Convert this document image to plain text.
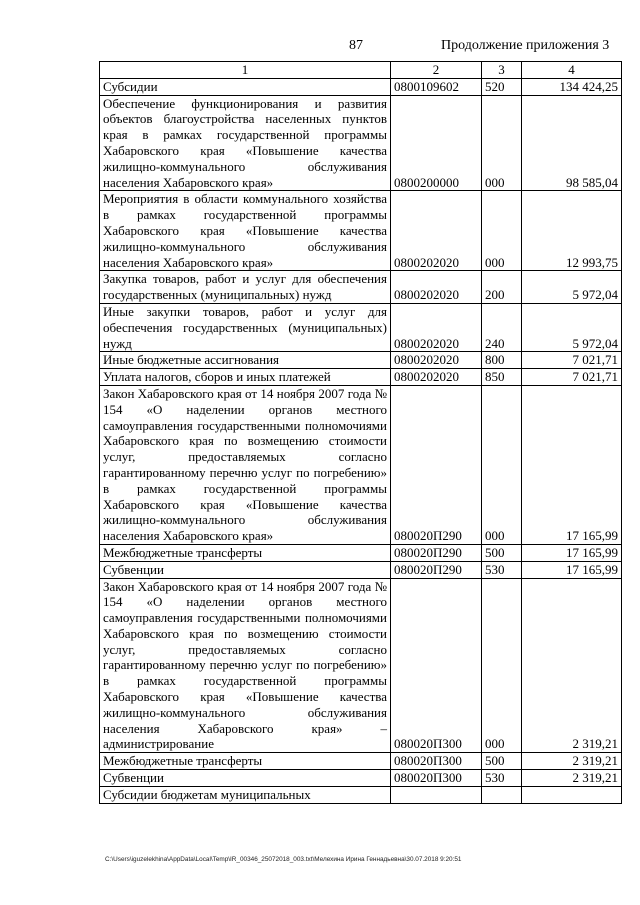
87	Продолжение приложения 3
1	2	3	4
Субсидии	0800109602	520	134 424,25
Обеспечение функционирования и развития объектов благоустройства населенных пунктов края в рамках государственной программы Хабаровского края «Повышение качества жилищно-коммунального обслуживания населения Хабаровского края»	0800200000	000	98 585,04
Мероприятия в области коммунального хозяйства в рамках государственной программы Хабаровского края «Повышение качества жилищно-коммунального обслуживания населения Хабаровского края»	0800202020	000	12 993,75
Закупка товаров, работ и услуг для обеспечения государственных (муниципальных) нужд	0800202020	200	5 972,04
Иные закупки товаров, работ и услуг для обеспечения государственных (муниципальных) нужд	0800202020	240	5 972,04
Иные бюджетные ассигнования	0800202020	800	7 021,71
Уплата налогов, сборов и иных платежей	0800202020	850	7 021,71
Закон Хабаровского края от 14 ноября 2007 года № 154 «О наделении органов местного самоуправления государственными полномочиями Хабаровского края по возмещению стоимости услуг, предоставляемых согласно гарантированному перечню услуг по погребению» в рамках государственной программы Хабаровского края «Повышение качества жилищно-коммунального обслуживания населения Хабаровского края»	080020П290	000	17 165,99
Межбюджетные трансферты	080020П290	500	17 165,99
Субвенции	080020П290	530	17 165,99
Закон Хабаровского края от 14 ноября 2007 года № 154 «О наделении органов местного самоуправления государственными полномочиями Хабаровского края по возмещению стоимости услуг, предоставляемых согласно гарантированному перечню услуг по погребению» в рамках государственной программы Хабаровского края «Повышение качества жилищно-коммунального обслуживания населения Хабаровского края» – администрирование	080020П300	000	2 319,21
Межбюджетные трансферты	080020П300	500	2 319,21
Субвенции	080020П300	530	2 319,21
Субсидии бюджетам муниципальных			
C:\Users\iguzelekhina\AppData\Local\Temp\IR_00346_25072018_003.txt\Мелехина Ирина Геннадьевна\30.07.2018 9:20:51
